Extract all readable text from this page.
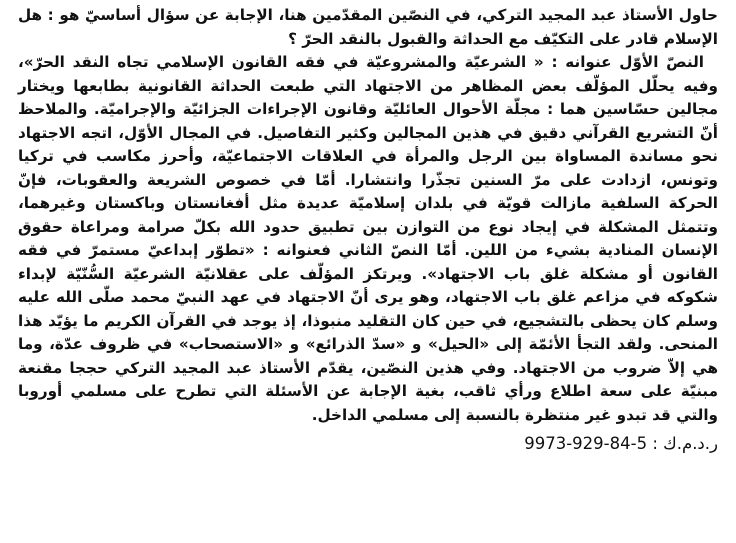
حاول الأستاذ عبد المجيد التركي، في النصّين المقدّمين هنا، الإجابة عن سؤال أساسيّ هو : هل الإسلام قادر على التكيّف مع الحداثة والقبول بالنقد الحرّ ؟

النصّ الأوّل عنوانه : « الشرعيّة والمشروعيّة في فقه القانون الإسلامي تجاه النقد الحرّ»، وفيه يحلّل المؤلّف بعض المظاهر من الاجتهاد التي طبعت الحداثة القانونية بطابعها ويختار مجالين حسّاسين هما : مجلّة الأحوال العائليّة وقانون الإجراءات الجزائيّة والإجراميّة. والملاحظ أنّ التشريع القرآني دقيق في هذين المجالين وكثير التفاصيل. في المجال الأوّل، اتجه الاجتهاد نحو مساندة المساواة بين الرجل والمرأة في العلاقات الاجتماعيّة، وأحرز مكاسب في تركيا وتونس، ازدادت على مرّ السنين تجذّرا وانتشارا. أمّا في خصوص الشريعة والعقوبات، فإنّ الحركة السلفية مازالت قويّة في بلدان إسلاميّة عديدة مثل أفغانستان وباكستان وغيرهما، وتتمثل المشكلة في إيجاد نوع من التوازن بين تطبيق حدود الله بكلّ صرامة ومراعاة حقوق الإنسان المنادية بشيء من اللين. أمّا النصّ الثاني فعنوانه : «تطوّر إبداعيّ مستمرّ في فقه القانون أو مشكلة غلق باب الاجتهاد». ويرتكز المؤلّف على عقلانيّة الشرعيّة السُّنّيّة لإبداء شكوكه في مزاعم غلق باب الاجتهاد، وهو يرى أنّ الاجتهاد في عهد النبيّ محمد صلّى الله عليه وسلم كان يحظى بالتشجيع، في حين كان التقليد منبوذا، إذ يوجد في القرآن الكريم ما يؤيّد هذا المنحى. ولقد التجأ الأئمّة إلى «الحيل» و «سدّ الذرائع» و «الاستصحاب» في ظروف عدّة، وما هي إلاّ ضروب من الاجتهاد. وفي هذين النصّين، يقدّم الأستاذ عبد المجيد التركي حججا مقنعة مبنيّة على سعة اطلاع ورأي ثاقب، بغية الإجابة عن الأسئلة التي تطرح على مسلمي أوروبا والتي قد تبدو غير منتظرة بالنسبة إلى مسلمي الداخل.

ر.د.م.ك : 9973-929-84-5
